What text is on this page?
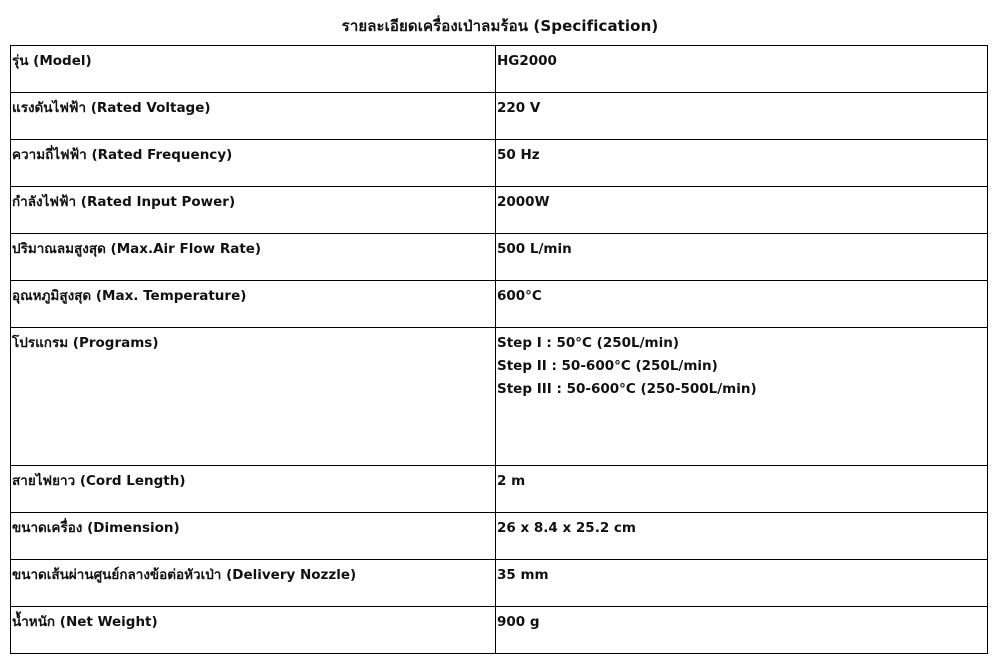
รายละเอียดเครื่องเป่าลมร้อน (Specification)
รุ่น (Model)	HG2000
แรงดันไฟฟ้า (Rated Voltage)	220 V
ความถี่ไฟฟ้า (Rated Frequency)	50 Hz
กำลังไฟฟ้า (Rated Input Power)	2000W
ปริมาณลมสูงสุด (Max.Air Flow Rate)	500 L/min
อุณหภูมิสูงสุด (Max. Temperature)	600°C
โปรแกรม (Programs)	Step I : 50°C (250L/min)
Step II : 50-600°C (250L/min)
Step III : 50-600°C (250-500L/min)

สายไฟยาว (Cord Length)	2 m
ขนาดเครื่อง (Dimension)	26 x 8.4 x 25.2 cm
ขนาดเส้นผ่านศูนย์กลางข้อต่อหัวเป่า (Delivery Nozzle)	35 mm
น้ำหนัก (Net Weight)	900 g
